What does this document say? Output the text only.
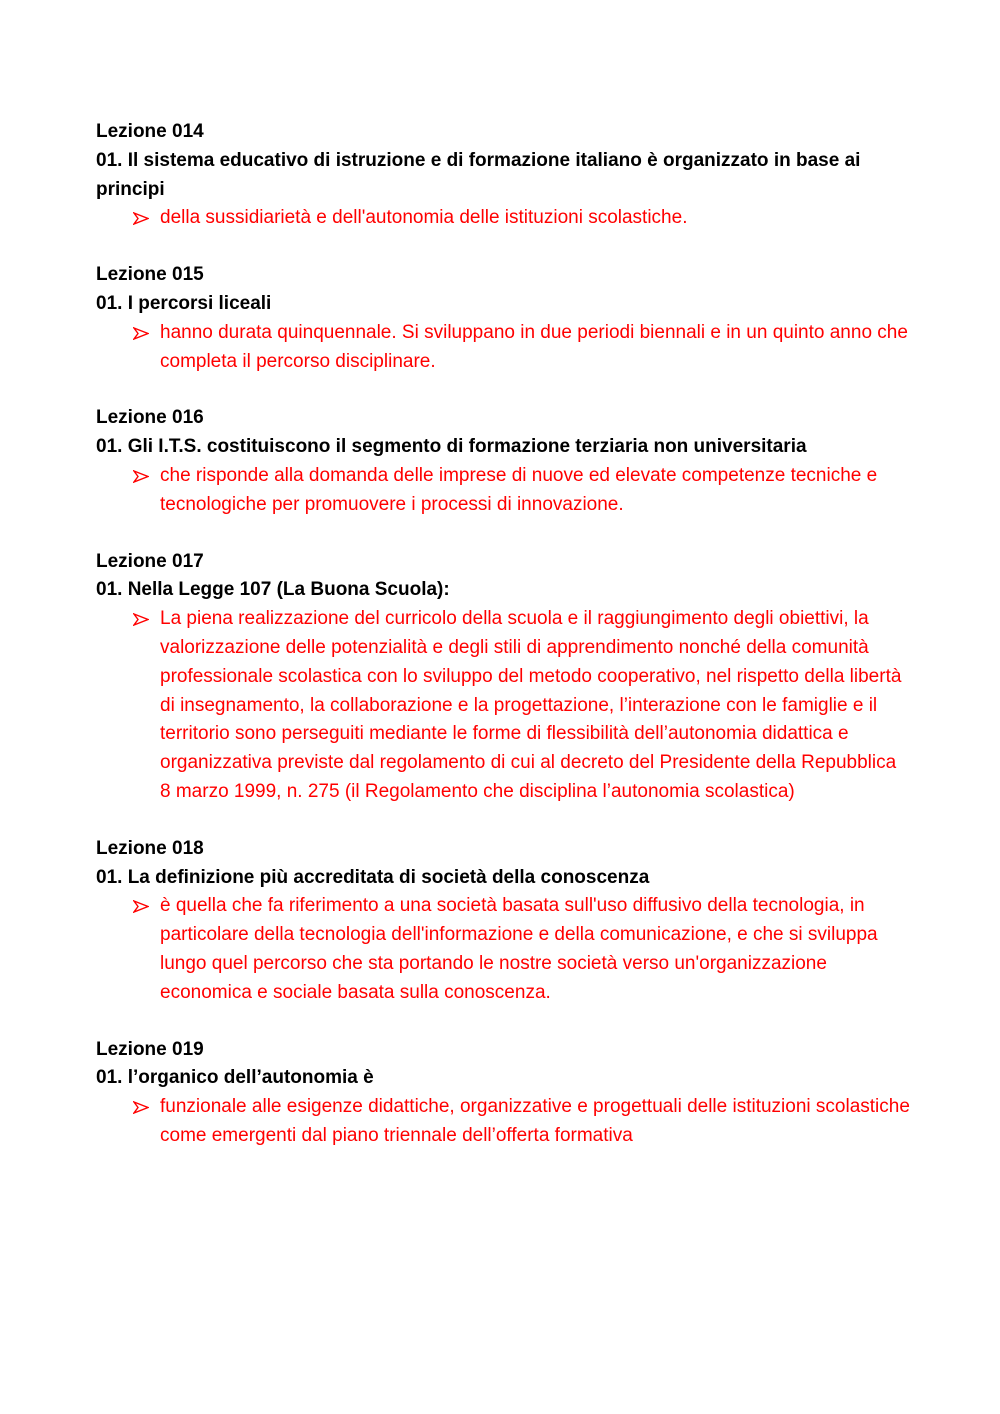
Lezione 014

01. Il sistema educativo di istruzione e di formazione italiano è organizzato in base ai principi

della sussidiarietà e dell'autonomia delle istituzioni scolastiche.

Lezione 015

01. I percorsi liceali

hanno durata quinquennale. Si sviluppano in due periodi biennali e in un quinto anno che completa il percorso disciplinare.

Lezione 016

01. Gli I.T.S. costituiscono il segmento di formazione terziaria non universitaria

che risponde alla domanda delle imprese di nuove ed elevate competenze tecniche e tecnologiche per promuovere i processi di innovazione.

Lezione 017

01. Nella Legge 107 (La Buona Scuola):

La piena realizzazione del curricolo della scuola e il raggiungimento degli obiettivi, la valorizzazione delle potenzialità e degli stili di apprendimento nonché della comunità professionale scolastica con lo sviluppo del metodo cooperativo, nel rispetto della libertà di insegnamento, la collaborazione e la progettazione, l’interazione con le famiglie e il territorio sono perseguiti mediante le forme di flessibilità dell’autonomia didattica e organizzativa previste dal regolamento di cui al decreto del Presidente della Repubblica 8 marzo 1999, n. 275 (il Regolamento che disciplina l’autonomia scolastica)

Lezione 018

01. La definizione più accreditata di società della conoscenza

è quella che fa riferimento a una società basata sull'uso diffusivo della tecnologia, in particolare della tecnologia dell'informazione e della comunicazione, e che si sviluppa lungo quel percorso che sta portando le nostre società verso un'organizzazione economica e sociale basata sulla conoscenza.

Lezione 019

01. l’organico dell’autonomia è

funzionale alle esigenze didattiche, organizzative e progettuali delle istituzioni scolastiche come emergenti dal piano triennale dell’offerta formativa
